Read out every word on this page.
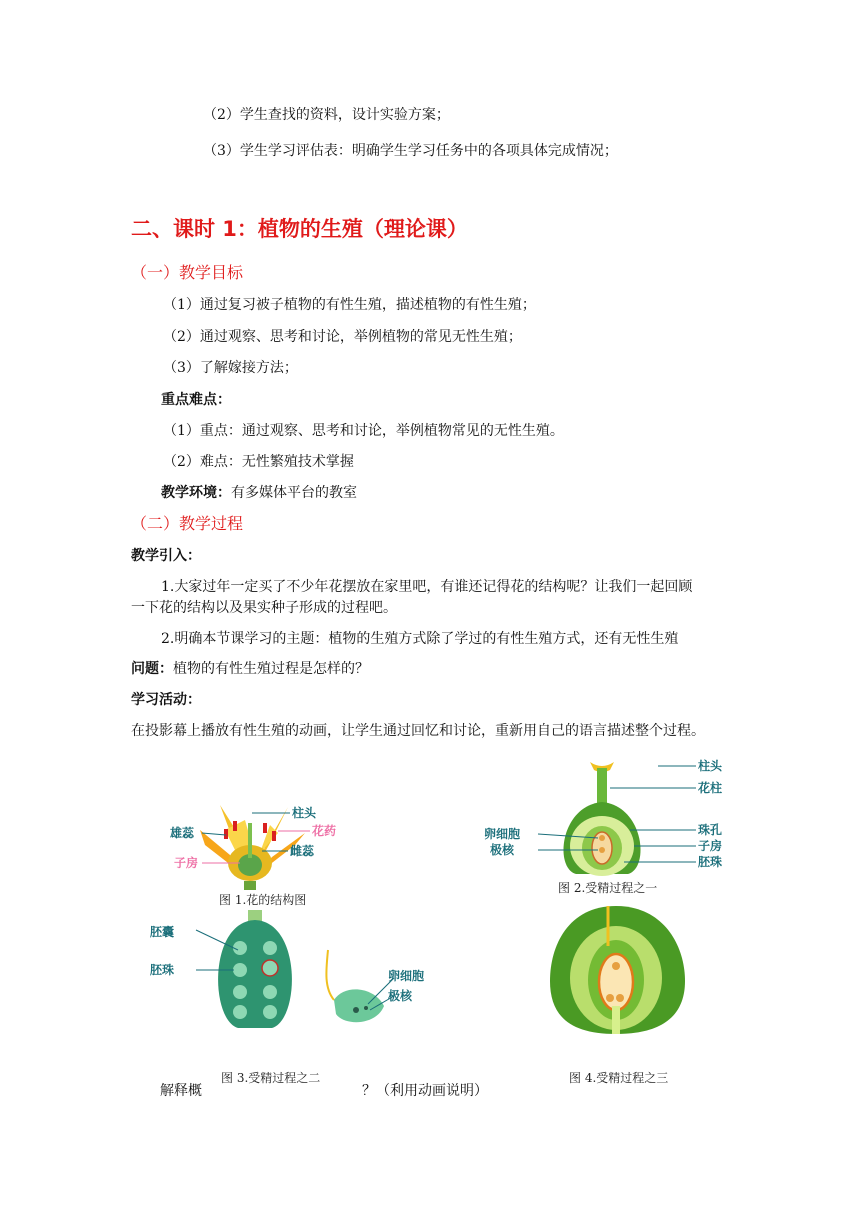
（2）学生查找的资料，设计实验方案；
（3）学生学习评估表：明确学生学习任务中的各项具体完成情况；
二、课时 1：植物的生殖（理论课）
（一）教学目标
（1）通过复习被子植物的有性生殖，描述植物的有性生殖；
（2）通过观察、思考和讨论，举例植物的常见无性生殖；
（3）了解嫁接方法；
重点难点：
（1）重点：通过观察、思考和讨论，举例植物常见的无性生殖。
（2）难点：无性繁殖技术掌握
教学环境：有多媒体平台的教室
（二）教学过程
教学引入：
1.大家过年一定买了不少年花摆放在家里吧，有谁还记得花的结构呢？让我们一起回顾
一下花的结构以及果实种子形成的过程吧。
2.明确本节课学习的主题：植物的生殖方式除了学过的有性生殖方式，还有无性生殖
问题：植物的有性生殖过程是怎样的？
学习活动：
在投影幕上播放有性生殖的动画，让学生通过回忆和讨论，重新用自己的语言描述整个过程。
柱头
雄蕊	花药
雌蕊
子房
图 1.花的结构图
柱头
花柱
卵细胞	珠孔
极核	子房
胚珠
图 2.受精过程之一
胚囊
胚珠	卵细胞
极核
图 4.受精过程之三
解释概	？（利用动画说明）
图 3.受精过程之二
